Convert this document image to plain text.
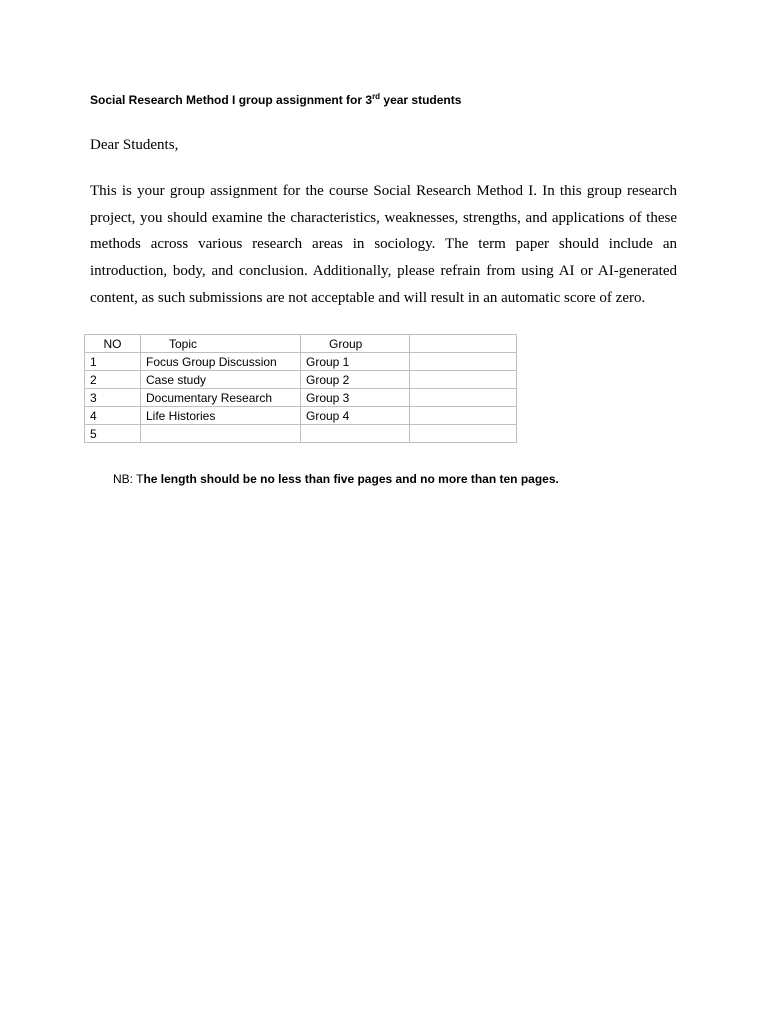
Social Research Method I group assignment for 3rd year students
Dear Students,

This is your group assignment for the course Social Research Method I. In this group research project, you should examine the characteristics, weaknesses, strengths, and applications of these methods across various research areas in sociology. The term paper should include an introduction, body, and conclusion. Additionally, please refrain from using AI or AI-generated content, as such submissions are not acceptable and will result in an automatic score of zero.

NO	Topic	Group	
1	Focus Group Discussion	Group 1	
2	Case study	Group 2	
3	Documentary Research	Group 3	
4	Life Histories	Group 4	
5			
NB: The length should be no less than five pages and no more than ten pages.
